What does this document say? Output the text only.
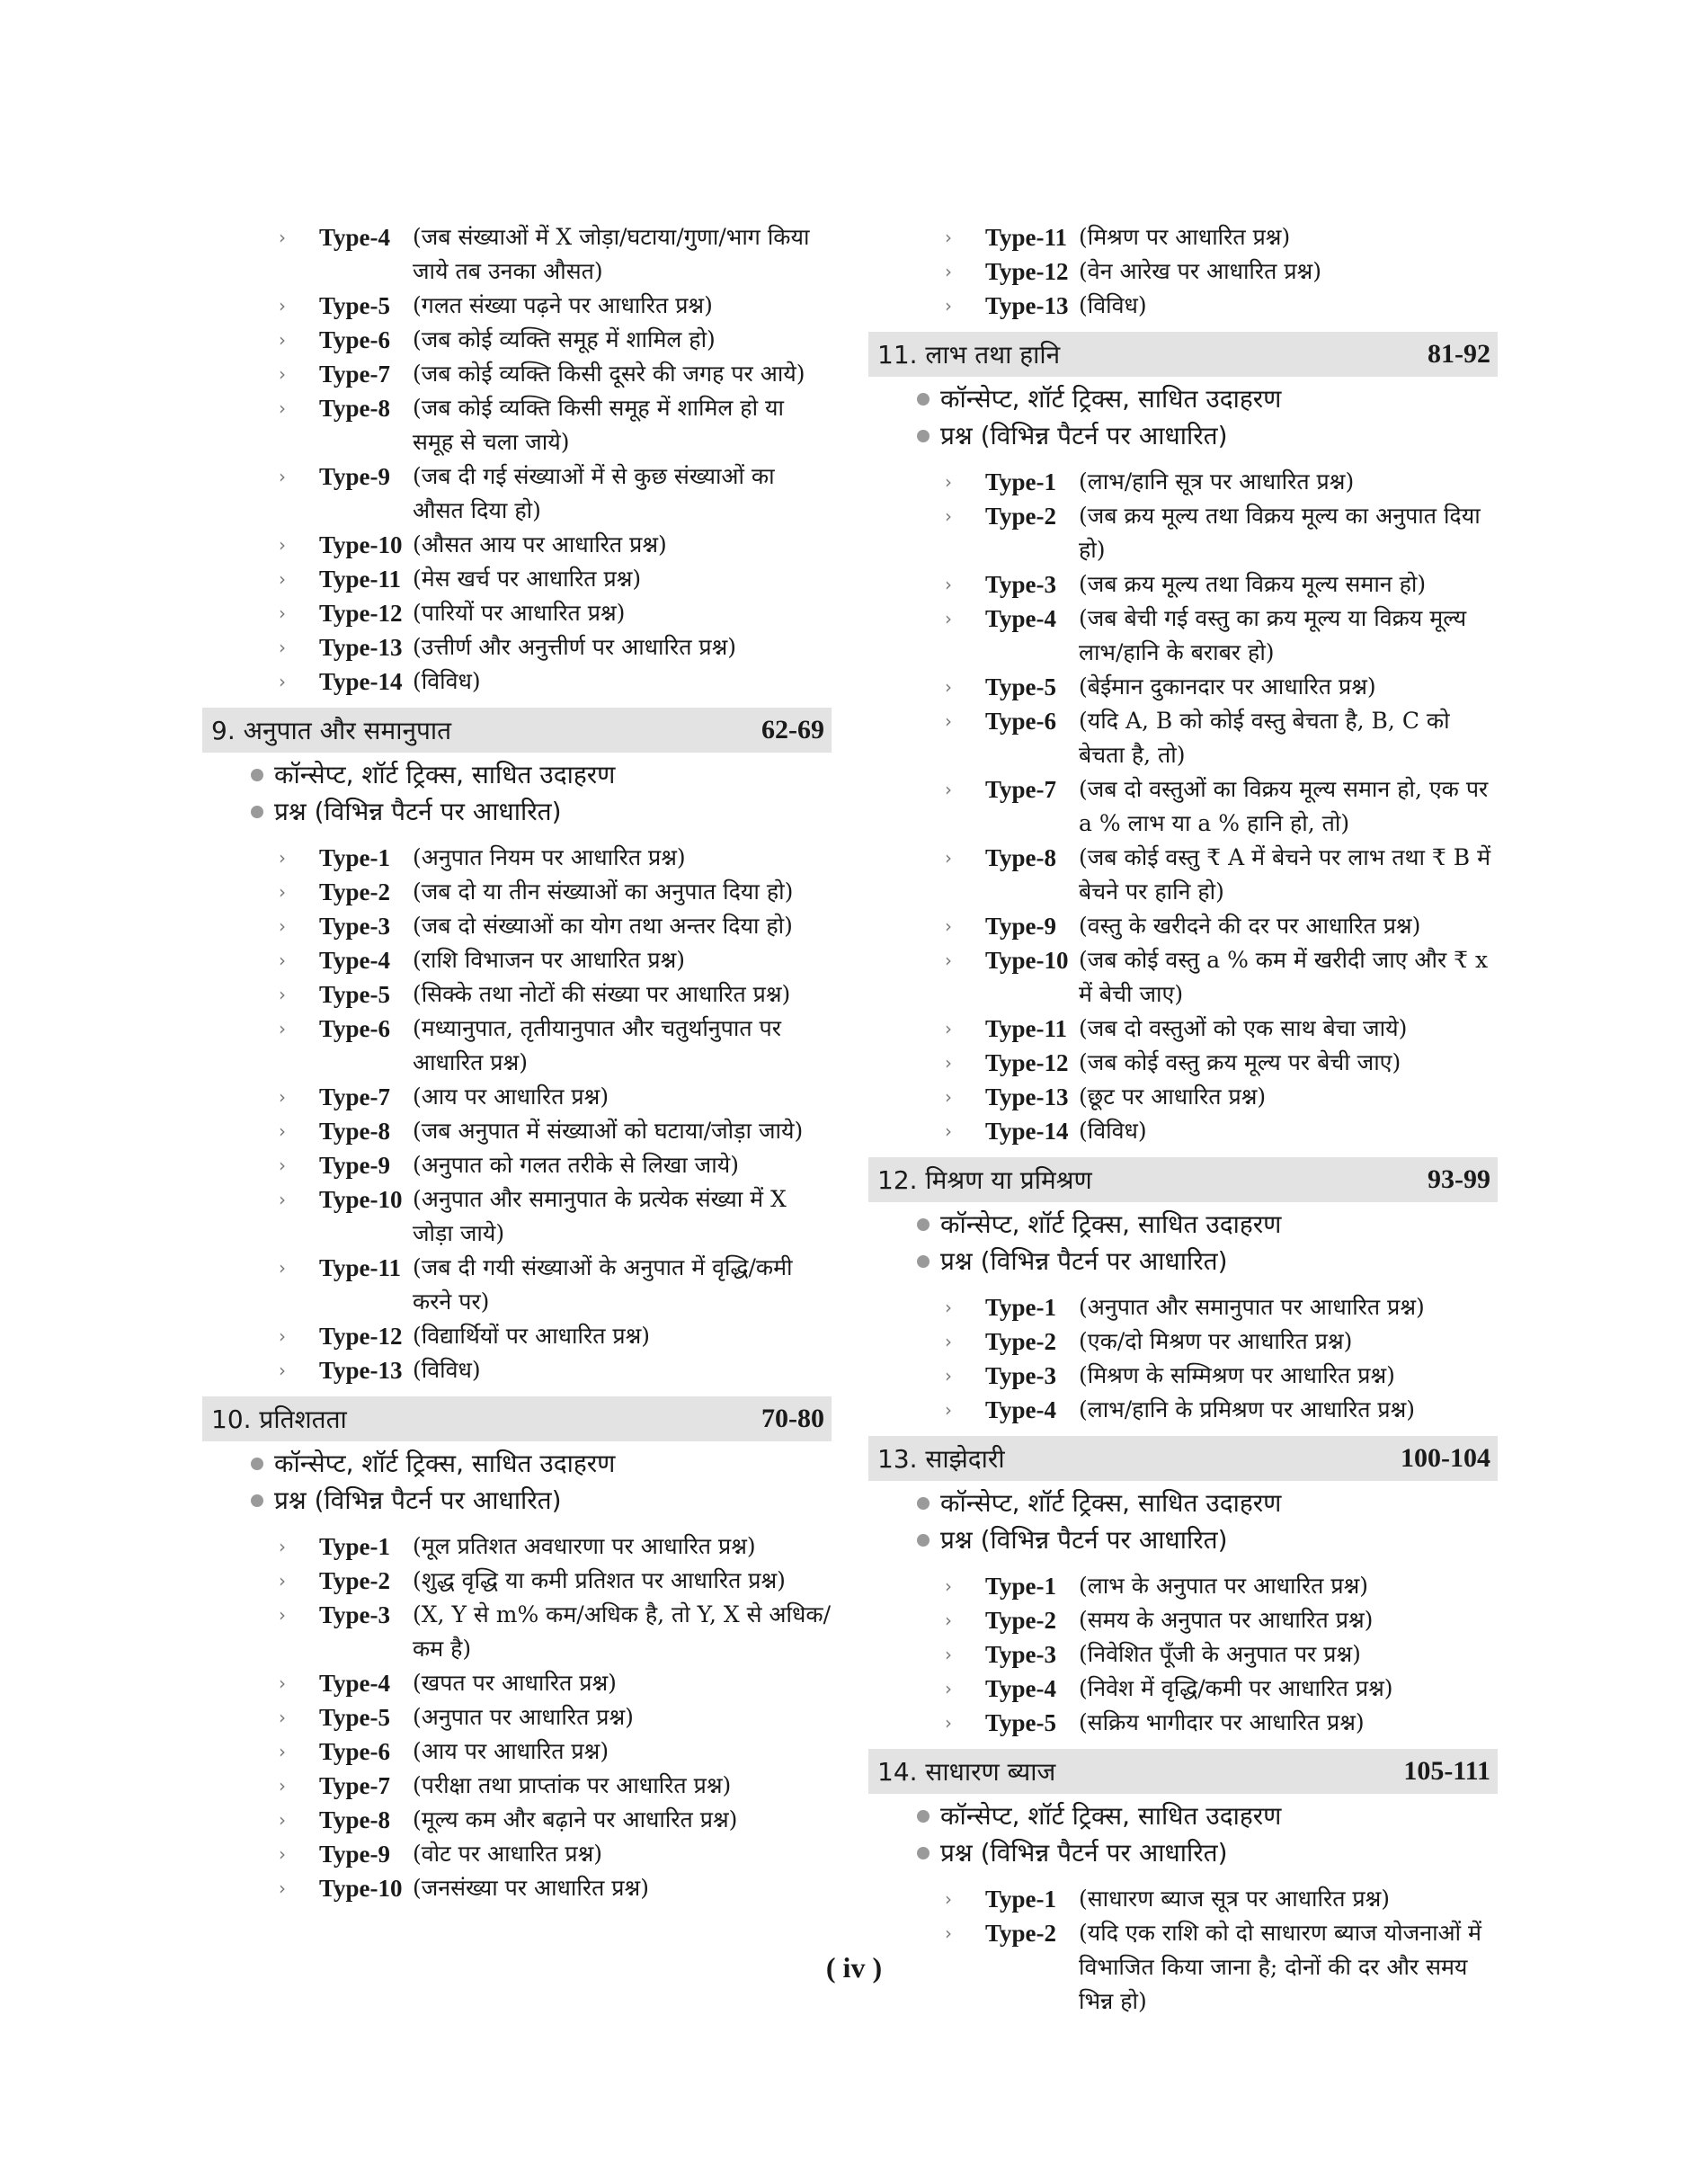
›	Type-4	(जब संख्याओं में X जोड़ा/घटाया/गुणा/भाग किया जाये तब उनका औसत)
›	Type-5	(गलत संख्या पढ़ने पर आधारित प्रश्न)
›	Type-6	(जब कोई व्यक्ति समूह में शामिल हो)
›	Type-7	(जब कोई व्यक्ति किसी दूसरे की जगह पर आये)
›	Type-8	(जब कोई व्यक्ति किसी समूह में शामिल हो या समूह से चला जाये)
›	Type-9	(जब दी गई संख्याओं में से कुछ संख्याओं का औसत दिया हो)
›	Type-10 (औसत आय पर आधारित प्रश्न)
›	Type-11 (मेस खर्च पर आधारित प्रश्न)
›	Type-12 (पारियों पर आधारित प्रश्न)
›	Type-13 (उत्तीर्ण और अनुत्तीर्ण पर आधारित प्रश्न)
›	Type-14 (विविध)
9. अनुपात और समानुपात	62-69
कॉन्सेप्ट, शॉर्ट ट्रिक्स, साधित उदाहरण
प्रश्न (विभिन्न पैटर्न पर आधारित)
›	Type-1	(अनुपात नियम पर आधारित प्रश्न)
›	Type-2	(जब दो या तीन संख्याओं का अनुपात दिया हो)
›	Type-3	(जब दो संख्याओं का योग तथा अन्तर दिया हो)
›	Type-4	(राशि विभाजन पर आधारित प्रश्न)
›	Type-5	(सिक्के तथा नोटों की संख्या पर आधारित प्रश्न)
›	Type-6	(मध्यानुपात, तृतीयानुपात और चतुर्थानुपात पर आधारित प्रश्न)
›	Type-7	(आय पर आधारित प्रश्न)
›	Type-8	(जब अनुपात में संख्याओं को घटाया/जोड़ा जाये)
›	Type-9	(अनुपात को गलत तरीके से लिखा जाये)
›	Type-10 (अनुपात और समानुपात के प्रत्येक संख्या में X जोड़ा जाये)
›	Type-11 (जब दी गयी संख्याओं के अनुपात में वृद्धि/कमी करने पर)
›	Type-12 (विद्यार्थियों पर आधारित प्रश्न)
›	Type-13 (विविध)
10. प्रतिशतता	70-80
कॉन्सेप्ट, शॉर्ट ट्रिक्स, साधित उदाहरण
प्रश्न (विभिन्न पैटर्न पर आधारित)
›	Type-1	(मूल प्रतिशत अवधारणा पर आधारित प्रश्न)
›	Type-2	(शुद्ध वृद्धि या कमी प्रतिशत पर आधारित प्रश्न)
›	Type-3	(X, Y से m% कम/अधिक है, तो Y, X से अधिक/कम है)
›	Type-4	(खपत पर आधारित प्रश्न)
›	Type-5	(अनुपात पर आधारित प्रश्न)
›	Type-6	(आय पर आधारित प्रश्न)
›	Type-7	(परीक्षा तथा प्राप्तांक पर आधारित प्रश्न)
›	Type-8	(मूल्य कम और बढ़ाने पर आधारित प्रश्न)
›	Type-9	(वोट पर आधारित प्रश्न)
›	Type-10 (जनसंख्या पर आधारित प्रश्न)
›	Type-11 (मिश्रण पर आधारित प्रश्न)
›	Type-12 (वेन आरेख पर आधारित प्रश्न)
›	Type-13 (विविध)
11. लाभ तथा हानि	81-92
कॉन्सेप्ट, शॉर्ट ट्रिक्स, साधित उदाहरण
प्रश्न (विभिन्न पैटर्न पर आधारित)
›	Type-1	(लाभ/हानि सूत्र पर आधारित प्रश्न)
›	Type-2	(जब क्रय मूल्य तथा विक्रय मूल्य का अनुपात दिया हो)
›	Type-3	(जब क्रय मूल्य तथा विक्रय मूल्य समान हो)
›	Type-4	(जब बेची गई वस्तु का क्रय मूल्य या विक्रय मूल्य लाभ/हानि के बराबर हो)
›	Type-5	(बेईमान दुकानदार पर आधारित प्रश्न)
›	Type-6	(यदि A, B को कोई वस्तु बेचता है, B, C को बेचता है, तो)
›	Type-7	(जब दो वस्तुओं का विक्रय मूल्य समान हो, एक पर a % लाभ या a % हानि हो, तो)
›	Type-8	(जब कोई वस्तु ₹ A में बेचने पर लाभ तथा ₹ B में बेचने पर हानि हो)
›	Type-9	(वस्तु के खरीदने की दर पर आधारित प्रश्न)
›	Type-10 (जब कोई वस्तु a % कम में खरीदी जाए और ₹ x में बेची जाए)
›	Type-11 (जब दो वस्तुओं को एक साथ बेचा जाये)
›	Type-12 (जब कोई वस्तु क्रय मूल्य पर बेची जाए)
›	Type-13 (छूट पर आधारित प्रश्न)
›	Type-14 (विविध)
12. मिश्रण या प्रमिश्रण	93-99
कॉन्सेप्ट, शॉर्ट ट्रिक्स, साधित उदाहरण
प्रश्न (विभिन्न पैटर्न पर आधारित)
›	Type-1	(अनुपात और समानुपात पर आधारित प्रश्न)
›	Type-2	(एक/दो मिश्रण पर आधारित प्रश्न)
›	Type-3	(मिश्रण के सम्मिश्रण पर आधारित प्रश्न)
›	Type-4	(लाभ/हानि के प्रमिश्रण पर आधारित प्रश्न)
13. साझेदारी	100-104
कॉन्सेप्ट, शॉर्ट ट्रिक्स, साधित उदाहरण
प्रश्न (विभिन्न पैटर्न पर आधारित)
›	Type-1	(लाभ के अनुपात पर आधारित प्रश्न)
›	Type-2	(समय के अनुपात पर आधारित प्रश्न)
›	Type-3	(निवेशित पूँजी के अनुपात पर प्रश्न)
›	Type-4	(निवेश में वृद्धि/कमी पर आधारित प्रश्न)
›	Type-5	(सक्रिय भागीदार पर आधारित प्रश्न)
14. साधारण ब्याज	105-111
कॉन्सेप्ट, शॉर्ट ट्रिक्स, साधित उदाहरण
प्रश्न (विभिन्न पैटर्न पर आधारित)
›	Type-1	(साधारण ब्याज सूत्र पर आधारित प्रश्न)
›	Type-2	(यदि एक राशि को दो साधारण ब्याज योजनाओं में विभाजित किया जाना है; दोनों की दर और समय भिन्न हो)
( iv )
